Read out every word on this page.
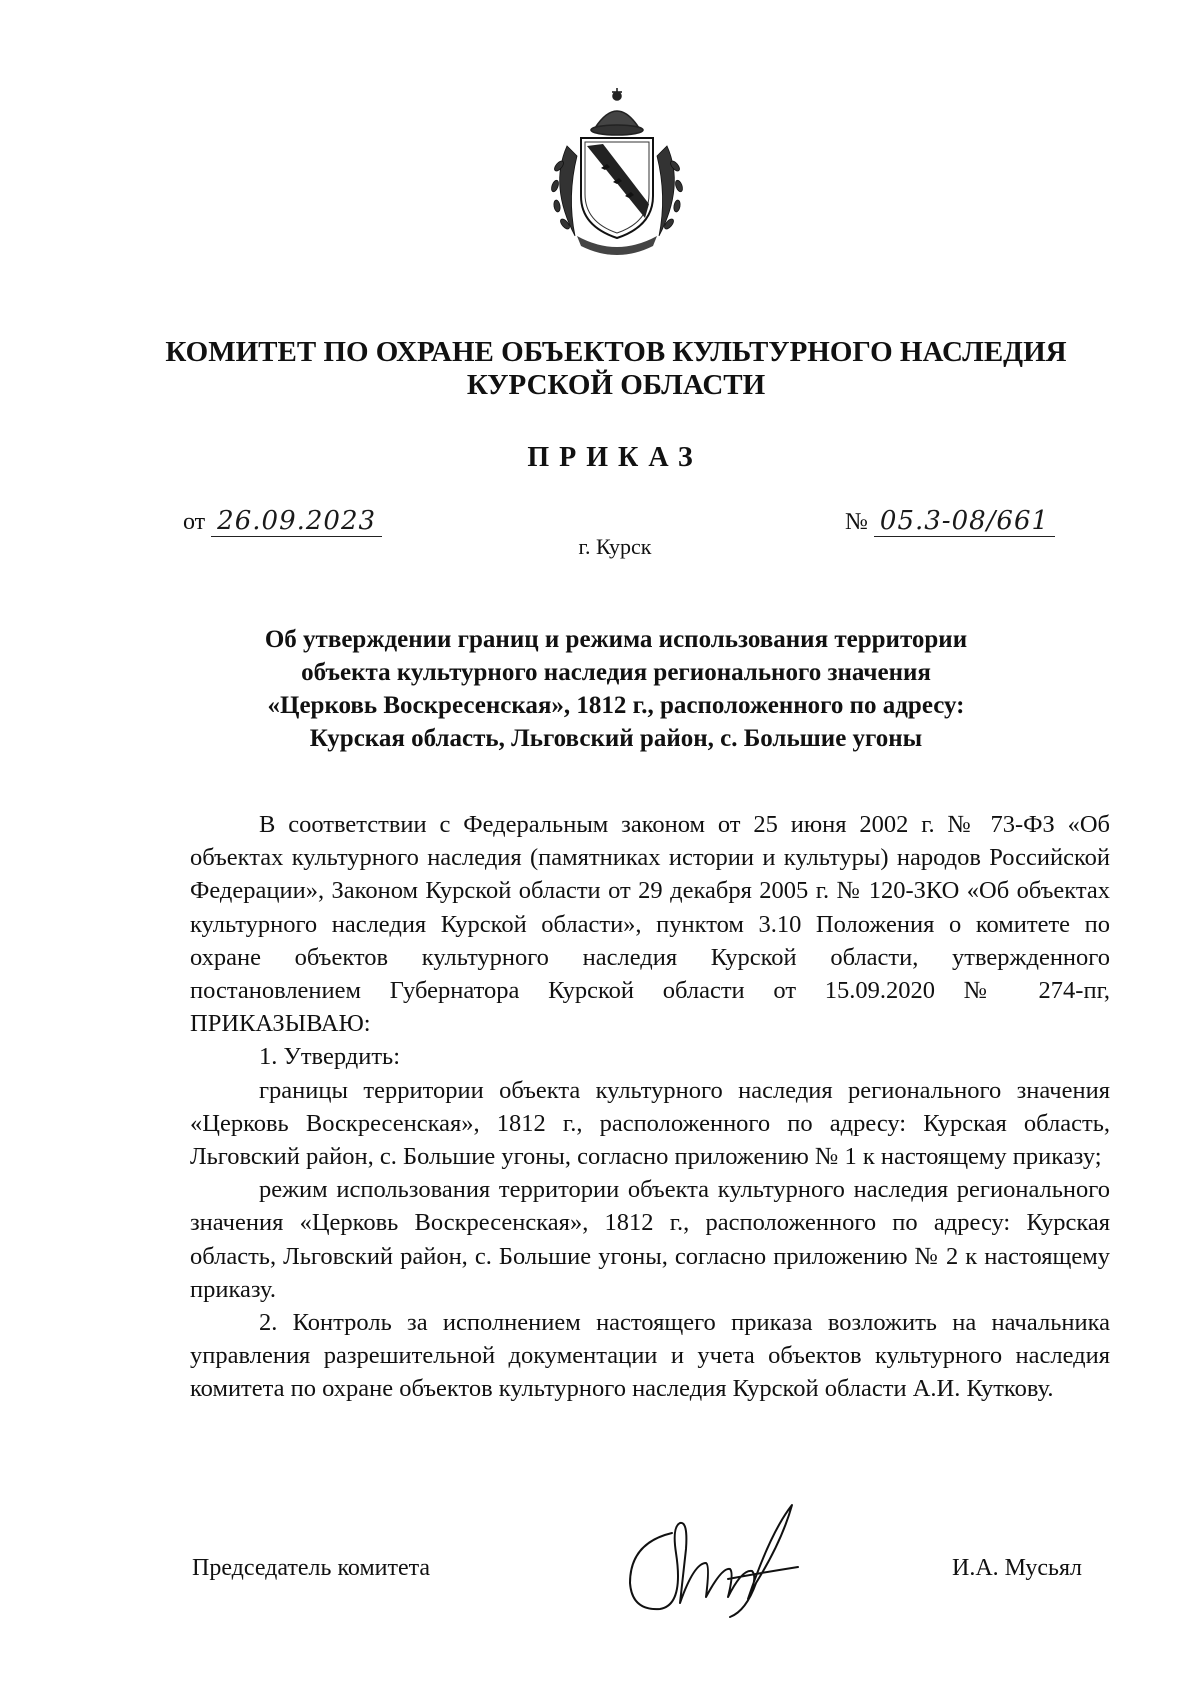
КОМИТЕТ ПО ОХРАНЕ ОБЪЕКТОВ КУЛЬТУРНОГО НАСЛЕДИЯ
КУРСКОЙ ОБЛАСТИ
ПРИКАЗ
от 26.09.2023	№ 05.3-08/661
г. Курск
Об утверждении границ и режима использования территории
объекта культурного наследия регионального значения
«Церковь Воскресенская», 1812 г., расположенного по адресу:
Курская область, Льговский район, с. Большие угоны

В соответствии с Федеральным законом от 25 июня 2002 г. № 73-ФЗ «Об объектах культурного наследия (памятниках истории и культуры) народов Российской Федерации», Законом Курской области от 29 декабря 2005 г. № 120-ЗКО «Об объектах культурного наследия Курской области», пунктом 3.10 Положения о комитете по охране объектов культурного наследия Курской области, утвержденного постановлением Губернатора Курской области от 15.09.2020 № 274-пг, ПРИКАЗЫВАЮ:

1. Утвердить:

границы территории объекта культурного наследия регионального значения «Церковь Воскресенская», 1812 г., расположенного по адресу: Курская область, Льговский район, с. Большие угоны, согласно приложению № 1 к настоящему приказу;

режим использования территории объекта культурного наследия регионального значения «Церковь Воскресенская», 1812 г., расположенного по адресу: Курская область, Льговский район, с. Большие угоны, согласно приложению № 2 к настоящему приказу.

2. Контроль за исполнением настоящего приказа возложить на начальника управления разрешительной документации и учета объектов культурного наследия комитета по охране объектов культурного наследия Курской области А.И. Куткову.

Председатель комитета	И.А. Мусьял
